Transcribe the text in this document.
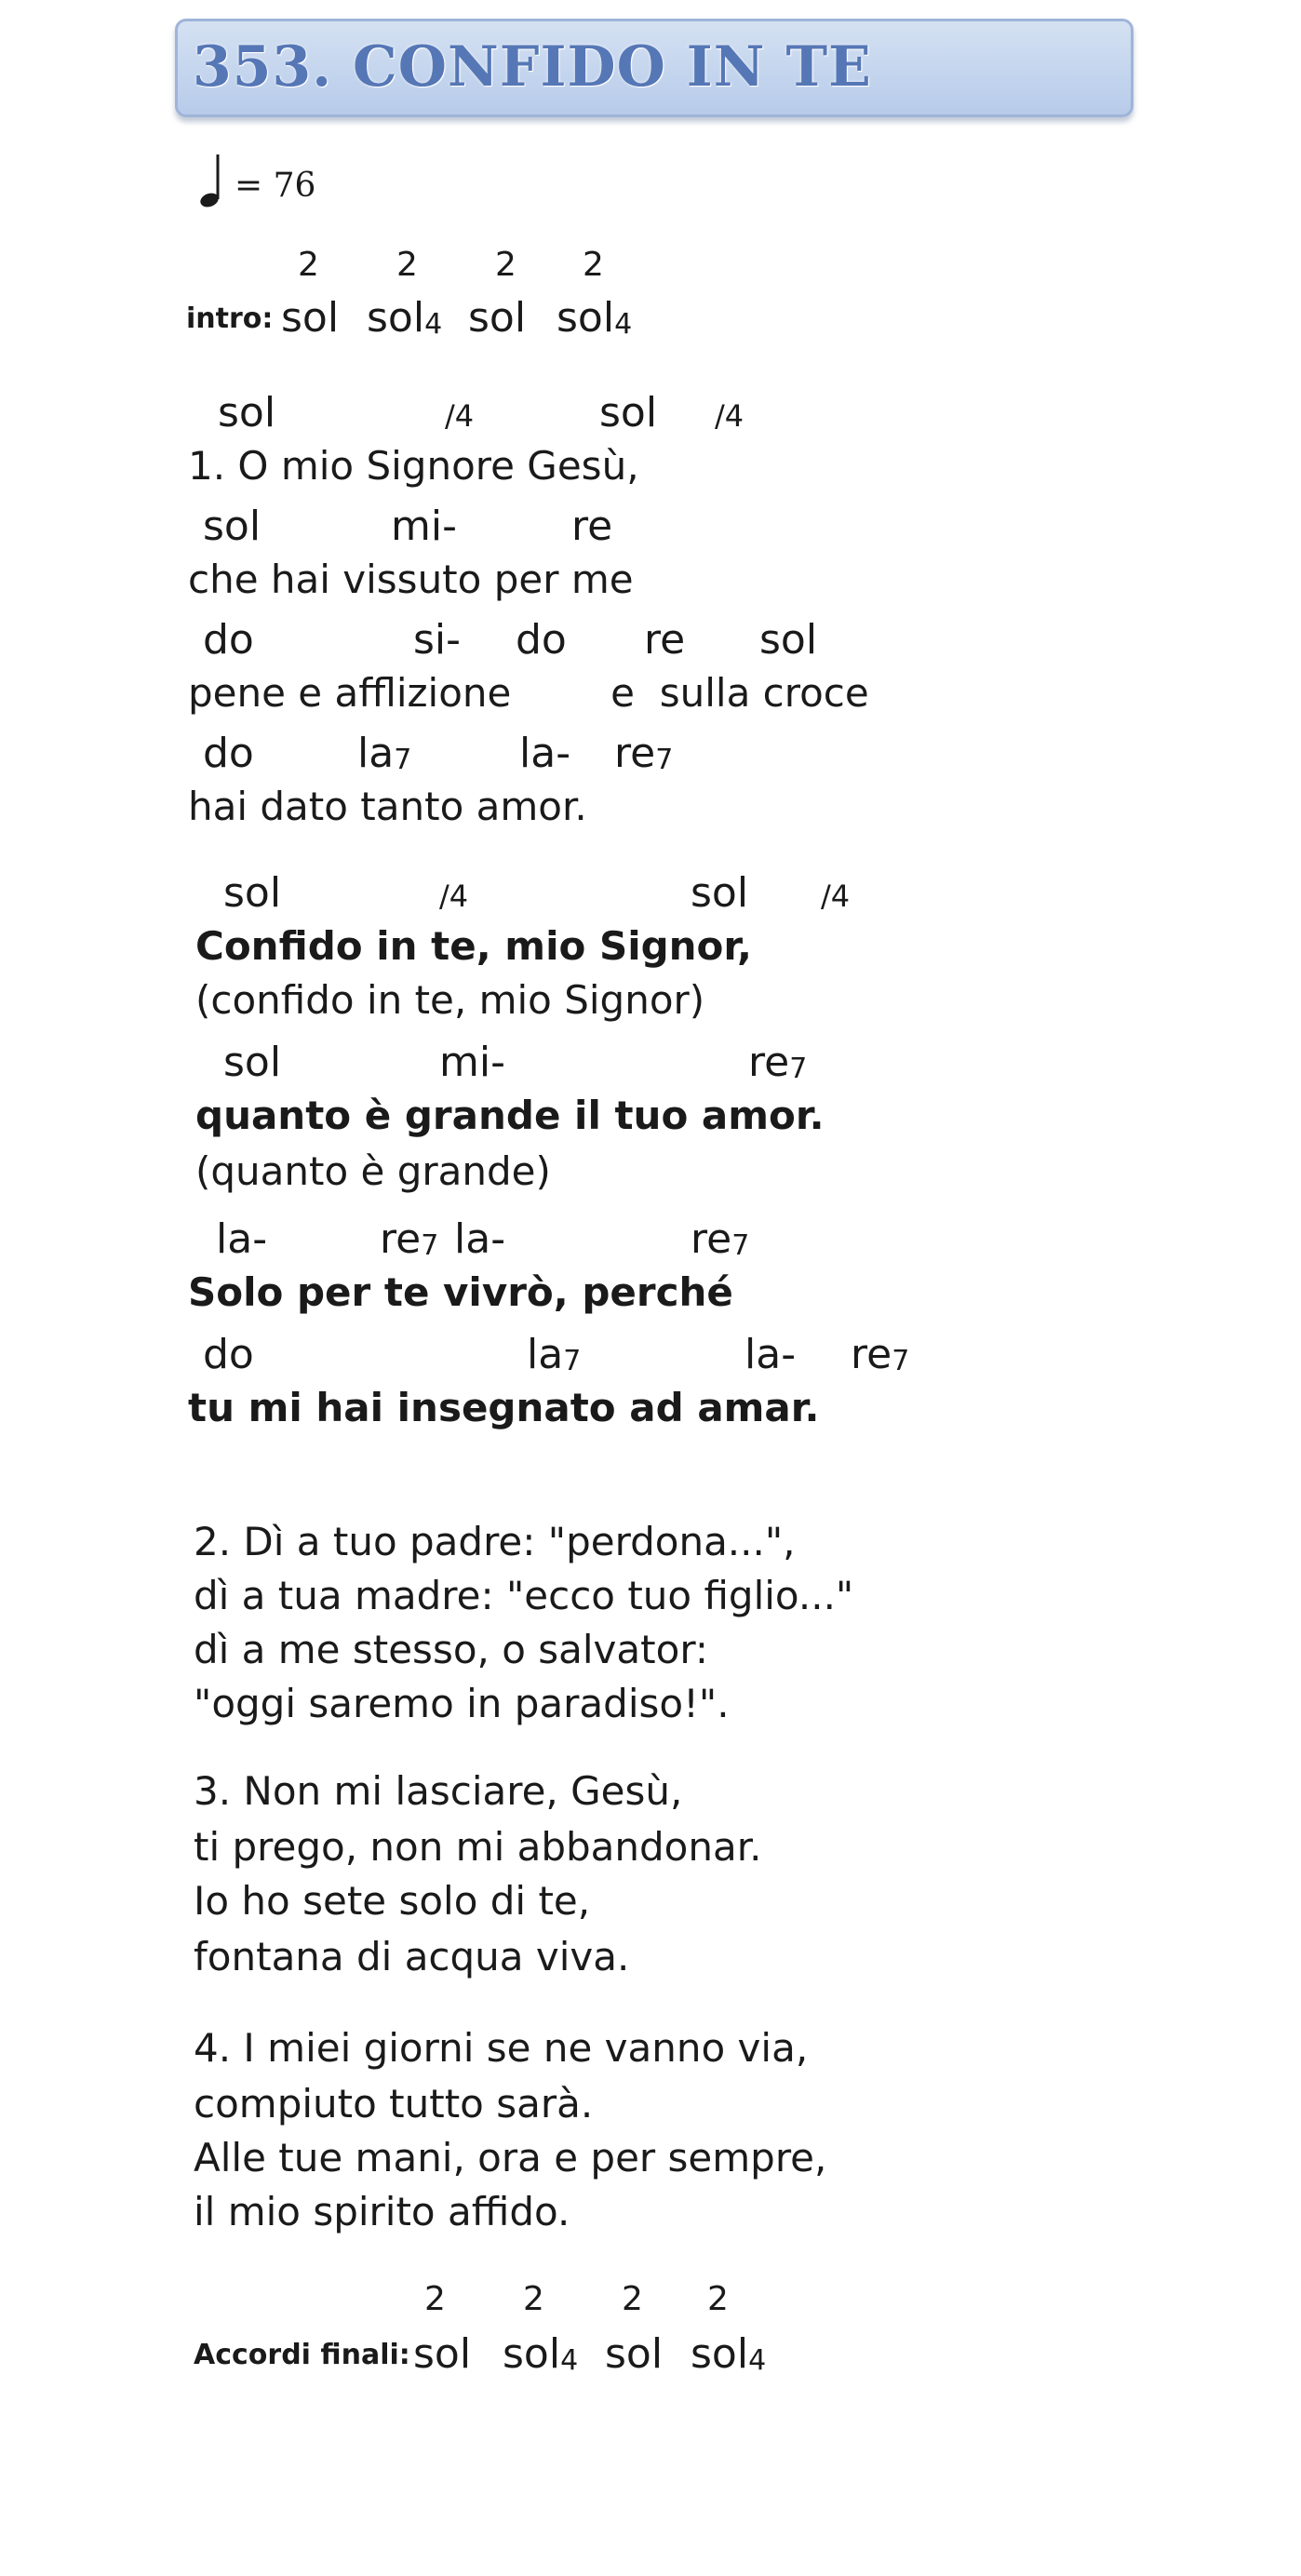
353. CONFIDO IN TE
= 76
2 2 2 2
intro: sol sol$_4$ sol sol$_4$
sol	/4	sol /4
1. O mio Signore Gesù,
sol	mi-	re
che hai vissuto per me
do	si- do re sol
pene e afflizione        e  sulla croce
do	$la_7$	la- $re_7$
hai dato tanto amor.
sol	/4	sol /4
Confido in te, mio Signor,
(confido in te, mio Signor)
sol	mi-	$re_7$
quanto è grande il tuo amor.
(quanto è grande)
la-	$re_7$ la-	$re_7$
Solo per te vivrò, perché
do	$la_7$	la- $re_7$
tu mi hai insegnato ad amar.
2. Dì a tuo padre: "perdona...",
dì a tua madre: "ecco tuo figlio..."
dì a me stesso, o salvator:
"oggi saremo in paradiso!".
3. Non mi lasciare, Gesù,
ti prego, non mi abbandonar.
Io ho sete solo di te,
fontana di acqua viva.
4. I miei giorni se ne vanno via,
compiuto tutto sarà.
Alle tue mani, ora e per sempre,
il mio spirito affido.
2 2 2 2
Accordi finali: sol sol$_4$ sol sol$_4$
